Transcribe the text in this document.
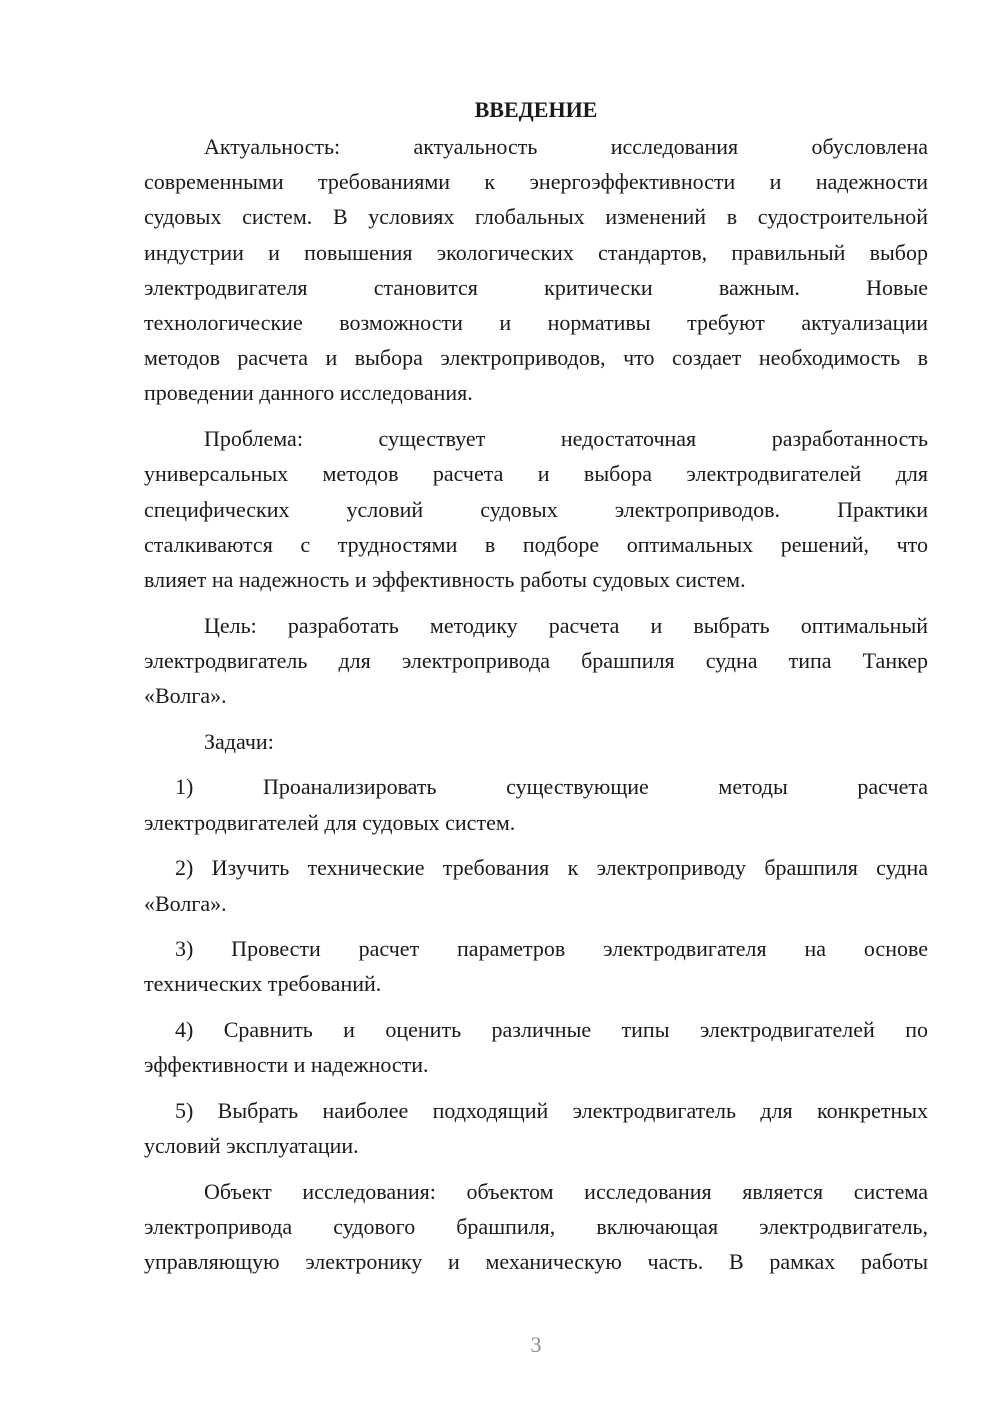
ВВЕДЕНИЕ

Актуальность: актуальность исследования обусловлена
современными требованиями к энергоэффективности и надежности
судовых систем. В условиях глобальных изменений в судостроительной
индустрии и повышения экологических стандартов, правильный выбор
электродвигателя становится критически важным. Новые
технологические возможности и нормативы требуют актуализации
методов расчета и выбора электроприводов, что создает необходимость в
проведении данного исследования.

Проблема: существует недостаточная разработанность
универсальных методов расчета и выбора электродвигателей для
специфических условий судовых электроприводов. Практики
сталкиваются с трудностями в подборе оптимальных решений, что
влияет на надежность и эффективность работы судовых систем.

Цель: разработать методику расчета и выбрать оптимальный
электродвигатель для электропривода брашпиля судна типа Танкер
«Волга».

Задачи:

1) Проанализировать существующие методы расчета
электродвигателей для судовых систем.

2) Изучить технические требования к электроприводу брашпиля судна
«Волга».

3) Провести расчет параметров электродвигателя на основе
технических требований.

4) Сравнить и оценить различные типы электродвигателей по
эффективности и надежности.

5) Выбрать наиболее подходящий электродвигатель для конкретных
условий эксплуатации.

Объект исследования: объектом исследования является система
электропривода судового брашпиля, включающая электродвигатель,
управляющую электронику и механическую часть. В рамках работы

3
